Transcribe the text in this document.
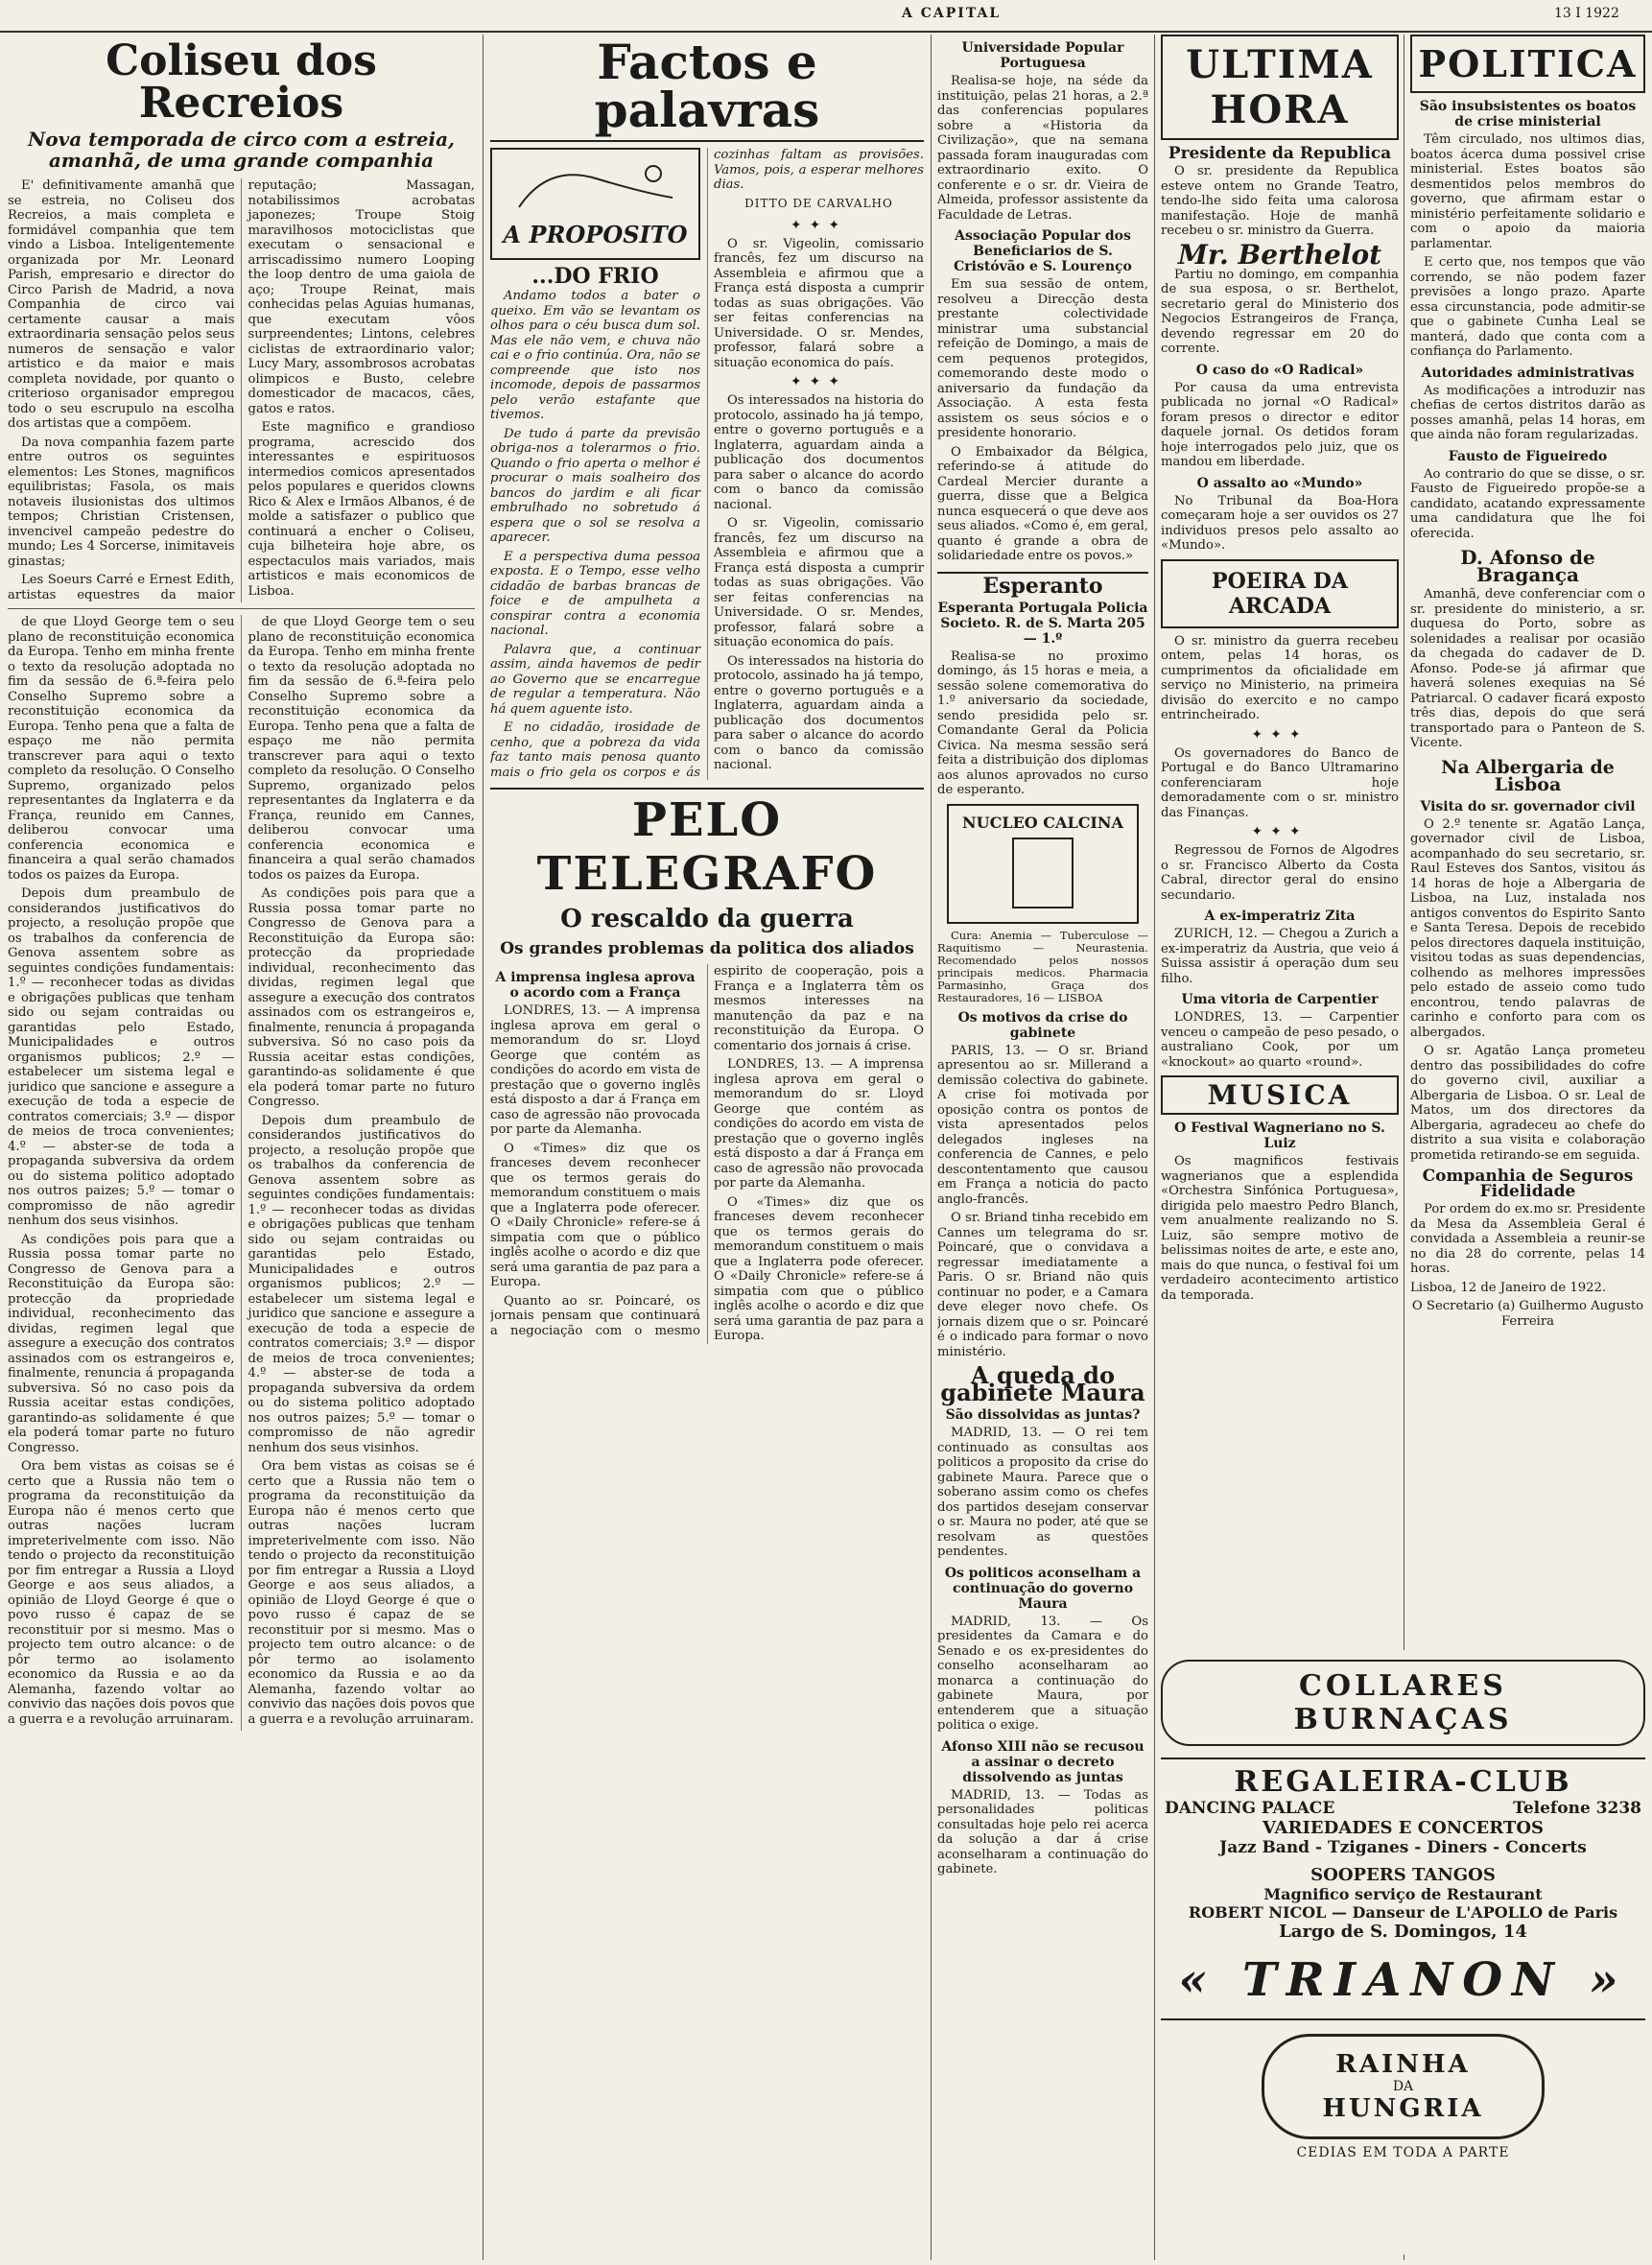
A CAPITAL	13 I 1922
Coliseu dos Recreios
Nova temporada de circo com a estreia, amanhã, de uma grande companhia

E' definitivamente amanhã que se estreia, no Coliseu dos Recreios, a mais completa e formidável companhia que tem vindo a Lisboa. Inteligentemente organizada por Mr. Leonard Parish, empresario e director do Circo Parish de Madrid, a nova Companhia de circo vai certamente causar a mais extraordinaria sensação pelos seus numeros de sensação e valor artistico e da maior e mais completa novidade, por quanto o criterioso organisador empregou todo o seu escrupulo na escolha dos artistas que a compõem.

Da nova companhia fazem parte entre outros os seguintes elementos: Les Stones, magnificos equilibristas; Fasola, os mais notaveis ilusionistas dos ultimos tempos; Christian Cristensen, invencivel campeão pedestre do mundo; Les 4 Sorcerse, inimitaveis ginastas;

Les Soeurs Carré e Ernest Edith, artistas equestres da maior reputação; Massagan, notabilissimos acrobatas japonezes; Troupe Stoig maravilhosos motociclistas que executam o sensacional e arriscadissimo numero Looping the loop dentro de uma gaiola de aço; Troupe Reinat, mais conhecidas pelas Aguias humanas, que executam vôos surpreendentes; Lintons, celebres ciclistas de extraordinario valor; Lucy Mary, assombrosos acrobatas olimpicos e Busto, celebre domesticador de macacos, cães, gatos e ratos.

Este magnifico e grandioso programa, acrescido dos interessantes e espirituosos intermedios comicos apresentados pelos populares e queridos clowns Rico & Alex e Irmãos Albanos, é de molde a satisfazer o publico que continuará a encher o Coliseu, cuja bilheteira hoje abre, os espectaculos mais variados, mais artisticos e mais economicos de Lisboa.

de que Lloyd George tem o seu plano de reconstituição economica da Europa. Tenho em minha frente o texto da resolução adoptada no fim da sessão de 6.ª-feira pelo Conselho Supremo sobre a reconstituição economica da Europa. Tenho pena que a falta de espaço me não permita transcrever para aqui o texto completo da resolução. O Conselho Supremo, organizado pelos representantes da Inglaterra e da França, reunido em Cannes, deliberou convocar uma conferencia economica e financeira a qual serão chamados todos os paizes da Europa.

Depois dum preambulo de considerandos justificativos do projecto, a resolução propõe que os trabalhos da conferencia de Genova assentem sobre as seguintes condições fundamentais: 1.º — reconhecer todas as dividas e obrigações publicas que tenham sido ou sejam contraidas ou garantidas pelo Estado, Municipalidades e outros organismos publicos; 2.º — estabelecer um sistema legal e juridico que sancione e assegure a execução de toda a especie de contratos comerciais; 3.º — dispor de meios de troca convenientes; 4.º — abster-se de toda a propaganda subversiva da ordem ou do sistema politico adoptado nos outros paizes; 5.º — tomar o compromisso de não agredir nenhum dos seus visinhos.

As condições pois para que a Russia possa tomar parte no Congresso de Genova para a Reconstituição da Europa são: protecção da propriedade individual, reconhecimento das dividas, regimen legal que assegure a execução dos contratos assinados com os estrangeiros e, finalmente, renuncia á propaganda subversiva. Só no caso pois da Russia aceitar estas condições, garantindo-as solidamente é que ela poderá tomar parte no futuro Congresso.

Ora bem vistas as coisas se é certo que a Russia não tem o programa da reconstituição da Europa não é menos certo que outras nações lucram impreterivelmente com isso. Não tendo o projecto da reconstituição por fim entregar a Russia a Lloyd George e aos seus aliados, a opinião de Lloyd George é que o povo russo é capaz de se reconstituir por si mesmo. Mas o projecto tem outro alcance: o de pôr termo ao isolamento economico da Russia e ao da Alemanha, fazendo voltar ao convivio das nações dois povos que a guerra e a revolução arruinaram.

de que Lloyd George tem o seu plano de reconstituição economica da Europa. Tenho em minha frente o texto da resolução adoptada no fim da sessão de 6.ª-feira pelo Conselho Supremo sobre a reconstituição economica da Europa. Tenho pena que a falta de espaço me não permita transcrever para aqui o texto completo da resolução. O Conselho Supremo, organizado pelos representantes da Inglaterra e da França, reunido em Cannes, deliberou convocar uma conferencia economica e financeira a qual serão chamados todos os paizes da Europa.

As condições pois para que a Russia possa tomar parte no Congresso de Genova para a Reconstituição da Europa são: protecção da propriedade individual, reconhecimento das dividas, regimen legal que assegure a execução dos contratos assinados com os estrangeiros e, finalmente, renuncia á propaganda subversiva. Só no caso pois da Russia aceitar estas condições, garantindo-as solidamente é que ela poderá tomar parte no futuro Congresso.

Depois dum preambulo de considerandos justificativos do projecto, a resolução propõe que os trabalhos da conferencia de Genova assentem sobre as seguintes condições fundamentais: 1.º — reconhecer todas as dividas e obrigações publicas que tenham sido ou sejam contraidas ou garantidas pelo Estado, Municipalidades e outros organismos publicos; 2.º — estabelecer um sistema legal e juridico que sancione e assegure a execução de toda a especie de contratos comerciais; 3.º — dispor de meios de troca convenientes; 4.º — abster-se de toda a propaganda subversiva da ordem ou do sistema politico adoptado nos outros paizes; 5.º — tomar o compromisso de não agredir nenhum dos seus visinhos.

Ora bem vistas as coisas se é certo que a Russia não tem o programa da reconstituição da Europa não é menos certo que outras nações lucram impreterivelmente com isso. Não tendo o projecto da reconstituição por fim entregar a Russia a Lloyd George e aos seus aliados, a opinião de Lloyd George é que o povo russo é capaz de se reconstituir por si mesmo. Mas o projecto tem outro alcance: o de pôr termo ao isolamento economico da Russia e ao da Alemanha, fazendo voltar ao convivio das nações dois povos que a guerra e a revolução arruinaram.

Factos e palavras
A PROPOSITO
...DO FRIO

Andamo todos a bater o queixo. Em vão se levantam os olhos para o céu busca dum sol. Mas ele não vem, e chuva não cai e o frio continúa. Ora, não se compreende que isto nos incomode, depois de passarmos pelo verão estafante que tivemos.

De tudo á parte da previsão obriga-nos a tolerarmos o frio. Quando o frio aperta o melhor é procurar o mais soalheiro dos bancos do jardim e ali ficar embrulhado no sobretudo á espera que o sol se resolva a aparecer.

E a perspectiva duma pessoa exposta. E o Tempo, esse velho cidadão de barbas brancas de foice e de ampulheta a conspirar contra a economia nacional.

Palavra que, a continuar assim, ainda havemos de pedir ao Governo que se encarregue de regular a temperatura. Não há quem aguente isto.

E no cidadão, irosidade de cenho, que a pobreza da vida faz tanto mais penosa quanto mais o frio gela os corpos e ás cozinhas faltam as provisões. Vamos, pois, a esperar melhores dias.

DITTO DE CARVALHO
✦✦✦

O sr. Vigeolin, comissario francês, fez um discurso na Assembleia e afirmou que a França está disposta a cumprir todas as suas obrigações. Vão ser feitas conferencias na Universidade. O sr. Mendes, professor, falará sobre a situação economica do país.

✦✦✦

Os interessados na historia do protocolo, assinado ha já tempo, entre o governo português e a Inglaterra, aguardam ainda a publicação dos documentos para saber o alcance do acordo com o banco da comissão nacional.

O sr. Vigeolin, comissario francês, fez um discurso na Assembleia e afirmou que a França está disposta a cumprir todas as suas obrigações. Vão ser feitas conferencias na Universidade. O sr. Mendes, professor, falará sobre a situação economica do país.

Os interessados na historia do protocolo, assinado ha já tempo, entre o governo português e a Inglaterra, aguardam ainda a publicação dos documentos para saber o alcance do acordo com o banco da comissão nacional.

PELO TELEGRAFO
O rescaldo da guerra
Os grandes problemas da politica dos aliados
A imprensa inglesa aprova o acordo com a França

LONDRES, 13. — A imprensa inglesa aprova em geral o memorandum do sr. Lloyd George que contém as condições do acordo em vista de prestação que o governo inglês está disposto a dar á França em caso de agressão não provocada por parte da Alemanha.

O «Times» diz que os franceses devem reconhecer que os termos gerais do memorandum constituem o mais que a Inglaterra pode oferecer. O «Daily Chronicle» refere-se á simpatia com que o público inglês acolhe o acordo e diz que será uma garantia de paz para a Europa.

Quanto ao sr. Poincaré, os jornais pensam que continuará a negociação com o mesmo espirito de cooperação, pois a França e a Inglaterra têm os mesmos interesses na manutenção da paz e na reconstituição da Europa. O comentario dos jornais á crise.

LONDRES, 13. — A imprensa inglesa aprova em geral o memorandum do sr. Lloyd George que contém as condições do acordo em vista de prestação que o governo inglês está disposto a dar á França em caso de agressão não provocada por parte da Alemanha.

O «Times» diz que os franceses devem reconhecer que os termos gerais do memorandum constituem o mais que a Inglaterra pode oferecer. O «Daily Chronicle» refere-se á simpatia com que o público inglês acolhe o acordo e diz que será uma garantia de paz para a Europa.

Universidade Popular Portuguesa

Realisa-se hoje, na séde da instituição, pelas 21 horas, a 2.ª das conferencias populares sobre a «Historia da Civilização», que na semana passada foram inauguradas com extraordinario exito. O conferente e o sr. dr. Vieira de Almeida, professor assistente da Faculdade de Letras.

Associação Popular dos Beneficiarios de S. Cristóvão e S. Lourenço

Em sua sessão de ontem, resolveu a Direcção desta prestante colectividade ministrar uma substancial refeição de Domingo, a mais de cem pequenos protegidos, comemorando deste modo o aniversario da fundação da Associação. A esta festa assistem os seus sócios e o presidente honorario.

O Embaixador da Bélgica, referindo-se á atitude do Cardeal Mercier durante a guerra, disse que a Belgica nunca esquecerá o que deve aos seus aliados. «Como é, em geral, quanto é grande a obra de solidariedade entre os povos.»

Esperanto
Esperanta Portugala Policia Societo. R. de S. Marta 205 — 1.º

Realisa-se no proximo domingo, ás 15 horas e meia, a sessão solene comemorativa do 1.º aniversario da sociedade, sendo presidida pelo sr. Comandante Geral da Policia Civica. Na mesma sessão será feita a distribuição dos diplomas aos alunos aprovados no curso de esperanto.

NUCLEO CALCINA

Cura: Anemia — Tuberculose — Raquitismo — Neurastenia. Recomendado pelos nossos principais medicos. Pharmacia Parmasinho, Graça dos Restauradores, 16 — LISBOA

Os motivos da crise do gabinete

PARIS, 13. — O sr. Briand apresentou ao sr. Millerand a demissão colectiva do gabinete. A crise foi motivada por oposição contra os pontos de vista apresentados pelos delegados ingleses na conferencia de Cannes, e pelo descontentamento que causou em França a noticia do pacto anglo-francês.

O sr. Briand tinha recebido em Cannes um telegrama do sr. Poincaré, que o convidava a regressar imediatamente a Paris. O sr. Briand não quis continuar no poder, e a Camara deve eleger novo chefe. Os jornais dizem que o sr. Poincaré é o indicado para formar o novo ministério.

A queda do gabinete Maura
São dissolvidas as juntas?

MADRID, 13. — O rei tem continuado as consultas aos politicos a proposito da crise do gabinete Maura. Parece que o soberano assim como os chefes dos partidos desejam conservar o sr. Maura no poder, até que se resolvam as questões pendentes.

Os politicos aconselham a continuação do governo Maura

MADRID, 13. — Os presidentes da Camara e do Senado e os ex-presidentes do conselho aconselharam ao monarca a continuação do gabinete Maura, por entenderem que a situação politica o exige.

Afonso XIII não se recusou a assinar o decreto dissolvendo as juntas

MADRID, 13. — Todas as personalidades politicas consultadas hoje pelo rei acerca da solução a dar á crise aconselharam a continuação do gabinete.

ULTIMA HORA
Presidente da Republica

O sr. presidente da Republica esteve ontem no Grande Teatro, tendo-lhe sido feita uma calorosa manifestação. Hoje de manhã recebeu o sr. ministro da Guerra.

Mr. Berthelot

Partiu no domingo, em companhia de sua esposa, o sr. Berthelot, secretario geral do Ministerio dos Negocios Estrangeiros de França, devendo regressar em 20 do corrente.

O caso do «O Radical»

Por causa da uma entrevista publicada no jornal «O Radical» foram presos o director e editor daquele jornal. Os detidos foram hoje interrogados pelo juiz, que os mandou em liberdade.

O assalto ao «Mundo»

No Tribunal da Boa-Hora começaram hoje a ser ouvidos os 27 individuos presos pelo assalto ao «Mundo».

POEIRA DA ARCADA

O sr. ministro da guerra recebeu ontem, pelas 14 horas, os cumprimentos da oficialidade em serviço no Ministerio, na primeira divisão do exercito e no campo entrincheirado.

✦✦✦

Os governadores do Banco de Portugal e do Banco Ultramarino conferenciaram hoje demoradamente com o sr. ministro das Finanças.

✦✦✦

Regressou de Fornos de Algodres o sr. Francisco Alberto da Costa Cabral, director geral do ensino secundario.

A ex-imperatriz Zita

ZURICH, 12. — Chegou a Zurich a ex-imperatriz da Austria, que veio á Suissa assistir á operação dum seu filho.

Uma vitoria de Carpentier

LONDRES, 13. — Carpentier venceu o campeão de peso pesado, o australiano Cook, por um «knockout» ao quarto «round».

MUSICA
O Festival Wagneriano no S. Luiz

Os magnificos festivais wagnerianos que a esplendida «Orchestra Sinfónica Portuguesa», dirigida pelo maestro Pedro Blanch, vem anualmente realizando no S. Luiz, são sempre motivo de belissimas noites de arte, e este ano, mais do que nunca, o festival foi um verdadeiro acontecimento artistico da temporada.

POLITICA
São insubsistentes os boatos de crise ministerial

Têm circulado, nos ultimos dias, boatos ácerca duma possivel crise ministerial. Estes boatos são desmentidos pelos membros do governo, que afirmam estar o ministério perfeitamente solidario e com o apoio da maioria parlamentar.

E certo que, nos tempos que vão correndo, se não podem fazer previsões a longo prazo. Aparte essa circunstancia, pode admitir-se que o gabinete Cunha Leal se manterá, dado que conta com a confiança do Parlamento.

Autoridades administrativas

As modificações a introduzir nas chefias de certos distritos darão as posses amanhã, pelas 14 horas, em que ainda não foram regularizadas.

Fausto de Figueiredo

Ao contrario do que se disse, o sr. Fausto de Figueiredo propõe-se a candidato, acatando expressamente uma candidatura que lhe foi oferecida.

D. Afonso de Bragança

Amanhã, deve conferenciar com o sr. presidente do ministerio, a sr. duquesa do Porto, sobre as solenidades a realisar por ocasião da chegada do cadaver de D. Afonso. Pode-se já afirmar que haverá solenes exequias na Sé Patriarcal. O cadaver ficará exposto três dias, depois do que será transportado para o Panteon de S. Vicente.

Na Albergaria de Lisboa
Visita do sr. governador civil

O 2.º tenente sr. Agatão Lança, governador civil de Lisboa, acompanhado do seu secretario, sr. Raul Esteves dos Santos, visitou ás 14 horas de hoje a Albergaria de Lisboa, na Luz, instalada nos antigos conventos do Espirito Santo e Santa Teresa. Depois de recebido pelos directores daquela instituição, visitou todas as suas dependencias, colhendo as melhores impressões pelo estado de asseio como tudo encontrou, tendo palavras de carinho e conforto para com os albergados.

O sr. Agatão Lança prometeu dentro das possibilidades do cofre do governo civil, auxiliar a Albergaria de Lisboa. O sr. Leal de Matos, um dos directores da Albergaria, agradeceu ao chefe do distrito a sua visita e colaboração prometida retirando-se em seguida.

Companhia de Seguros Fidelidade

Por ordem do ex.mo sr. Presidente da Mesa da Assembleia Geral é convidada a Assembleia a reunir-se no dia 28 do corrente, pelas 14 horas.

Lisboa, 12 de Janeiro de 1922.

O Secretario (a) Guilhermo Augusto Ferreira

COLLARES BURNAÇAS
REGALEIRA-CLUB
DANCING PALACE	Telefone 3238
VARIEDADES E CONCERTOS
Jazz Band - Tziganes - Diners - Concerts
SOOPERS TANGOS
Magnifico serviço de Restaurant
ROBERT NICOL — Danseur de L'APOLLO de Paris
Largo de S. Domingos, 14
« TRIANON »
RAINHA
DA
HUNGRIA
CEDIAS EM TODA A PARTE
